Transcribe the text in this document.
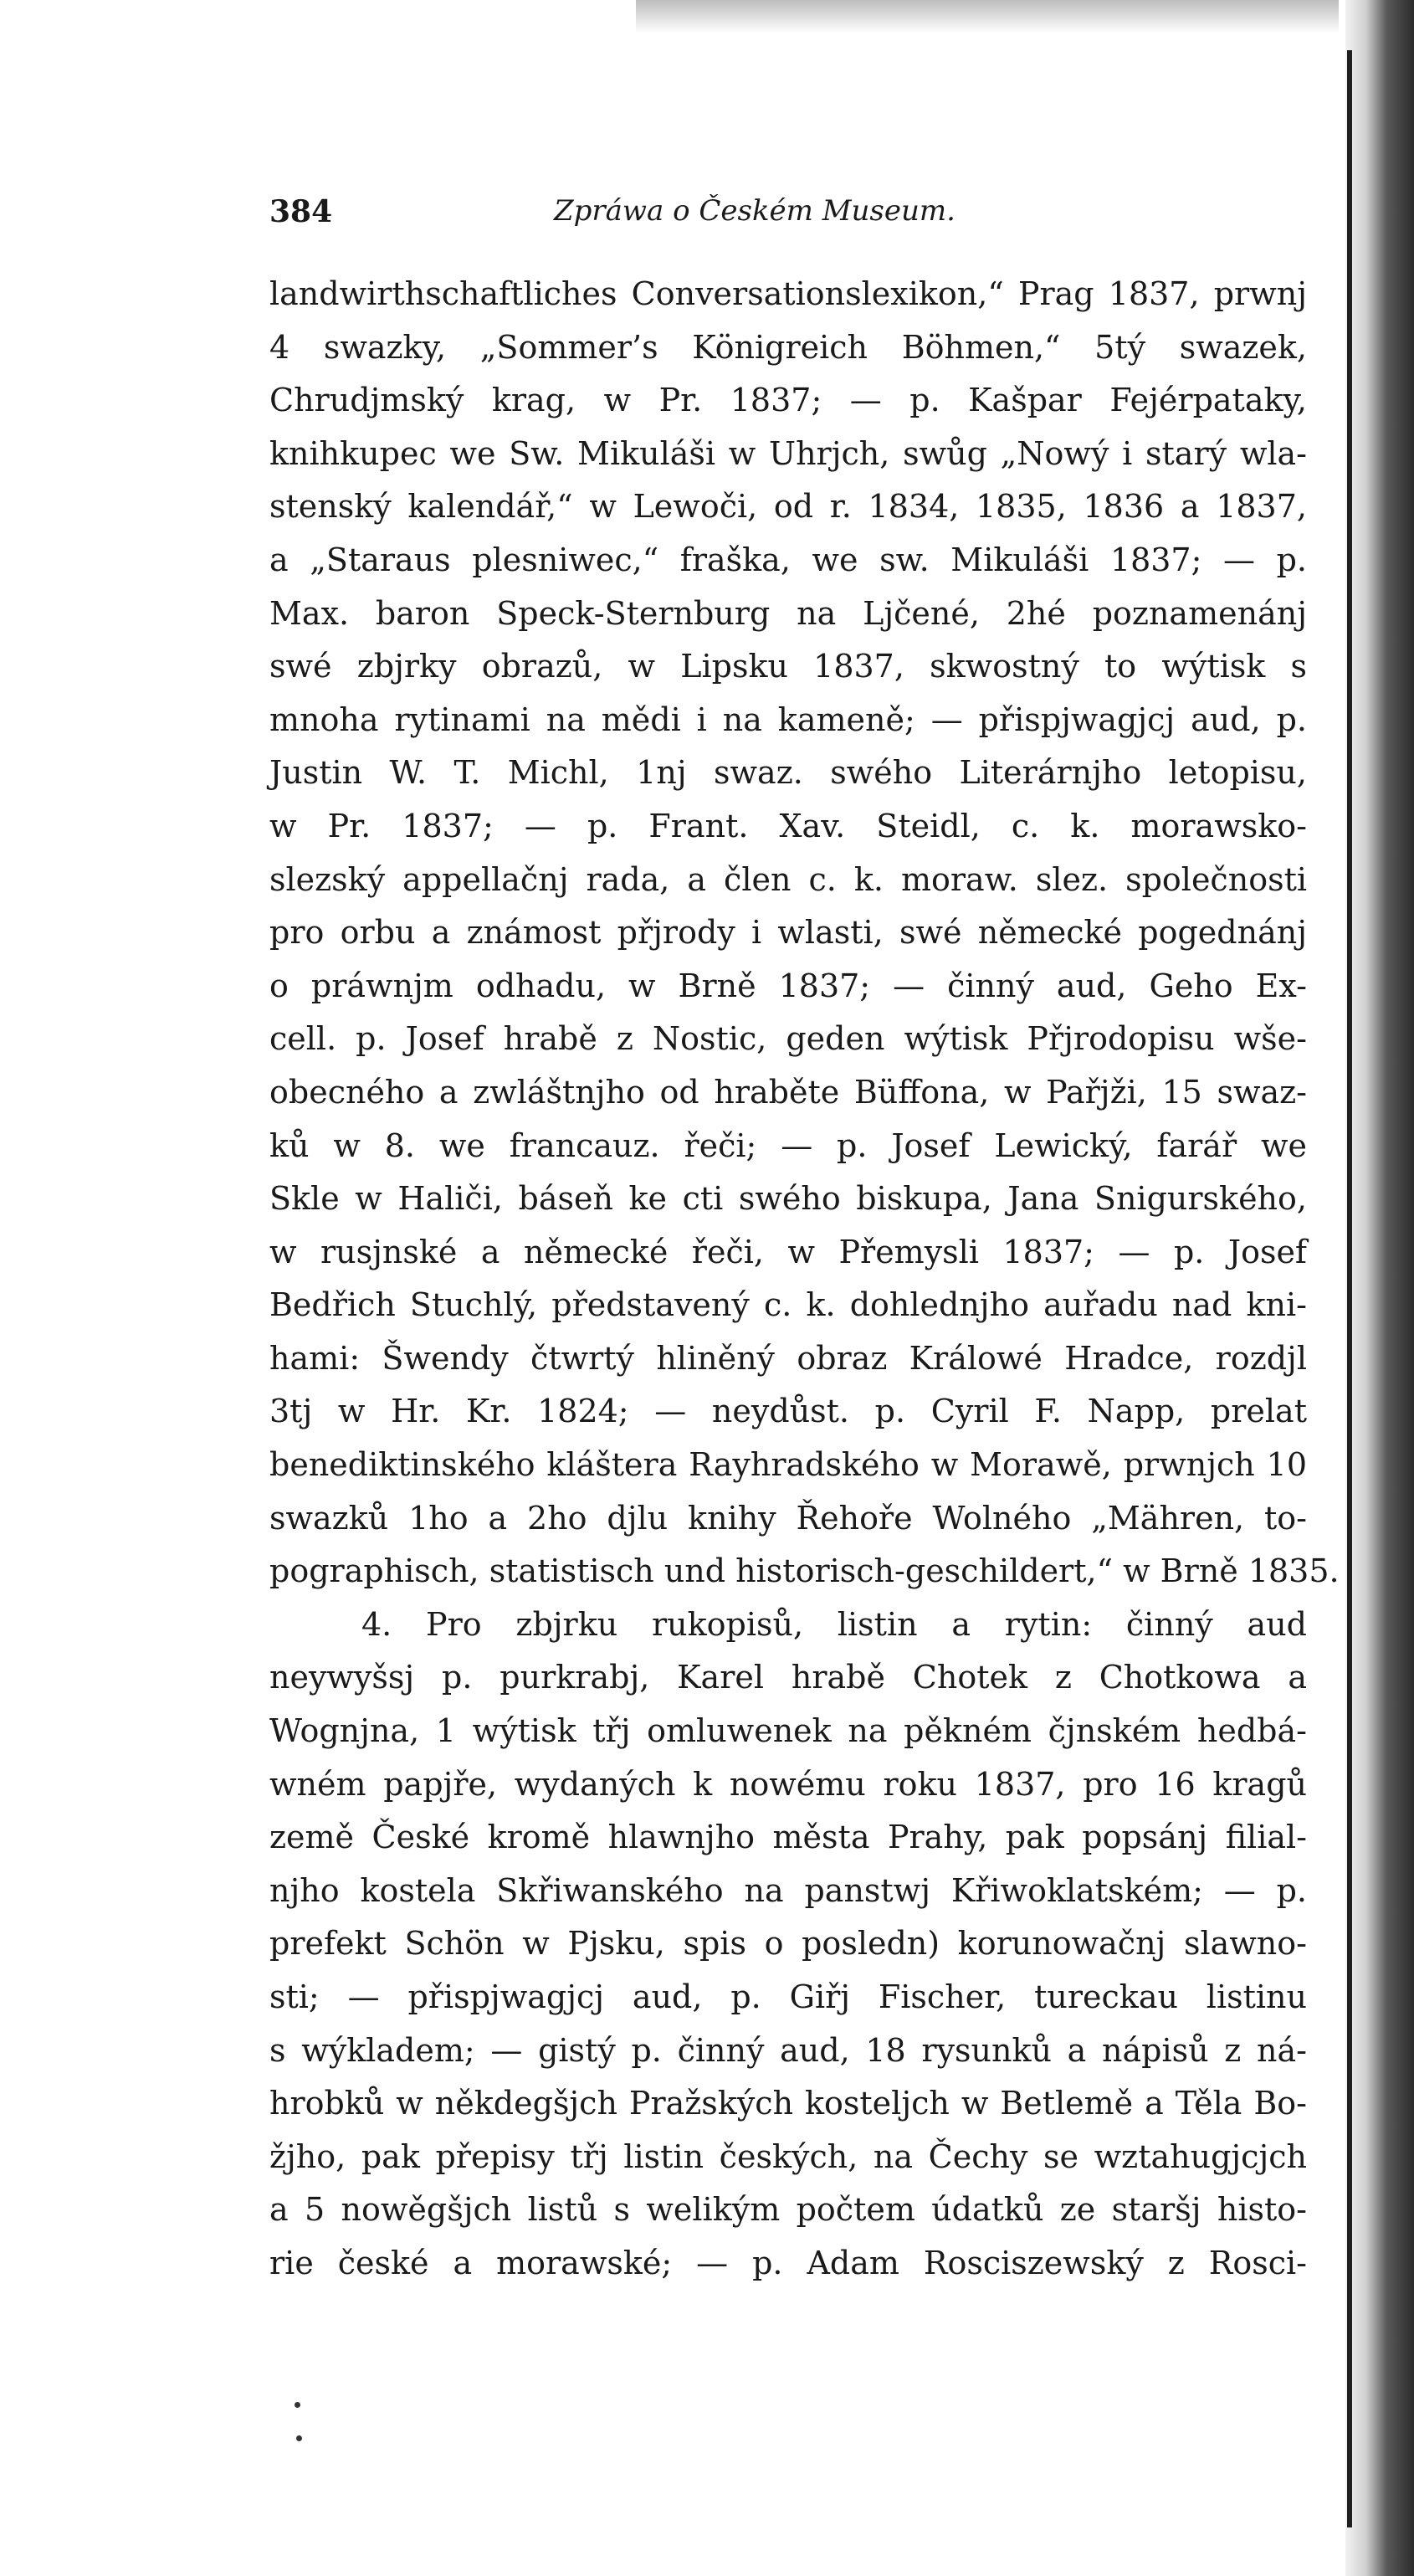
384	Zpráwa o Českém Museum.
landwirthschaftliches Conversationslexikon,“ Prag 1837, prwnj
4 swazky, „Sommer’s Königreich Böhmen,“ 5tý swazek,
Chrudjmský krag, w Pr. 1837; — p. Kašpar Fejérpataky,
knihkupec we Sw. Mikuláši w Uhrjch, swůg „Nowý i starý wla-
stenský kalendář,“ w Lewoči, od r. 1834, 1835, 1836 a 1837,
a „Staraus plesniwec,“ fraška, we sw. Mikuláši 1837; — p.
Max. baron Speck-Sternburg na Ljčené, 2hé poznamenánj
swé zbjrky obrazů, w Lipsku 1837, skwostný to wýtisk s
mnoha rytinami na mědi i na kameně; — přispjwagjcj aud, p.
Justin W. T. Michl, 1nj swaz. swého Literárnjho letopisu,
w Pr. 1837; — p. Frant. Xav. Steidl, c. k. morawsko-
slezský appellačnj rada, a člen c. k. moraw. slez. společnosti
pro orbu a známost přjrody i wlasti, swé německé pogednánj
o práwnjm odhadu, w Brně 1837; — činný aud, Geho Ex-
cell. p. Josef hrabě z Nostic, geden wýtisk Přjrodopisu wše-
obecného a zwláštnjho od hraběte Büffona, w Pařjži, 15 swaz-
ků w 8. we francauz. řeči; — p. Josef Lewický, farář we
Skle w Haliči, báseň ke cti swého biskupa, Jana Snigurského,
w rusjnské a německé řeči, w Přemysli 1837; — p. Josef
Bedřich Stuchlý, představený c. k. dohlednjho auřadu nad kni-
hami: Šwendy čtwrtý hliněný obraz Králowé Hradce, rozdjl
3tj w Hr. Kr. 1824; — neydůst. p. Cyril F. Napp, prelat
benediktinského kláštera Rayhradského w Morawě, prwnjch 10
swazků 1ho a 2ho djlu knihy Řehoře Wolného „Mähren, to-
pographisch, statistisch und historisch-geschildert,“ w Brně 1835.
4. Pro zbjrku rukopisů, listin a rytin: činný aud
neywyšsj p. purkrabj, Karel hrabě Chotek z Chotkowa a
Wognjna, 1 wýtisk třj omluwenek na pěkném čjnském hedbá-
wném papjře, wydaných k nowému roku 1837, pro 16 kragů
země České kromě hlawnjho města Prahy, pak popsánj filial-
njho kostela Skřiwanského na panstwj Křiwoklatském; — p.
prefekt Schön w Pjsku, spis o posledn) korunowačnj slawno-
sti; — přispjwagjcj aud, p. Giřj Fischer, tureckau listinu
s wýkladem; — gistý p. činný aud, 18 rysunků a nápisů z ná-
hrobků w někdegšjch Pražských kosteljch w Betlemě a Těla Bo-
žjho, pak přepisy třj listin českých, na Čechy se wztahugjcjch
a 5 nowěgšjch listů s welikým počtem údatků ze staršj histo-
rie české a morawské; — p. Adam Rosciszewský z Rosci-
